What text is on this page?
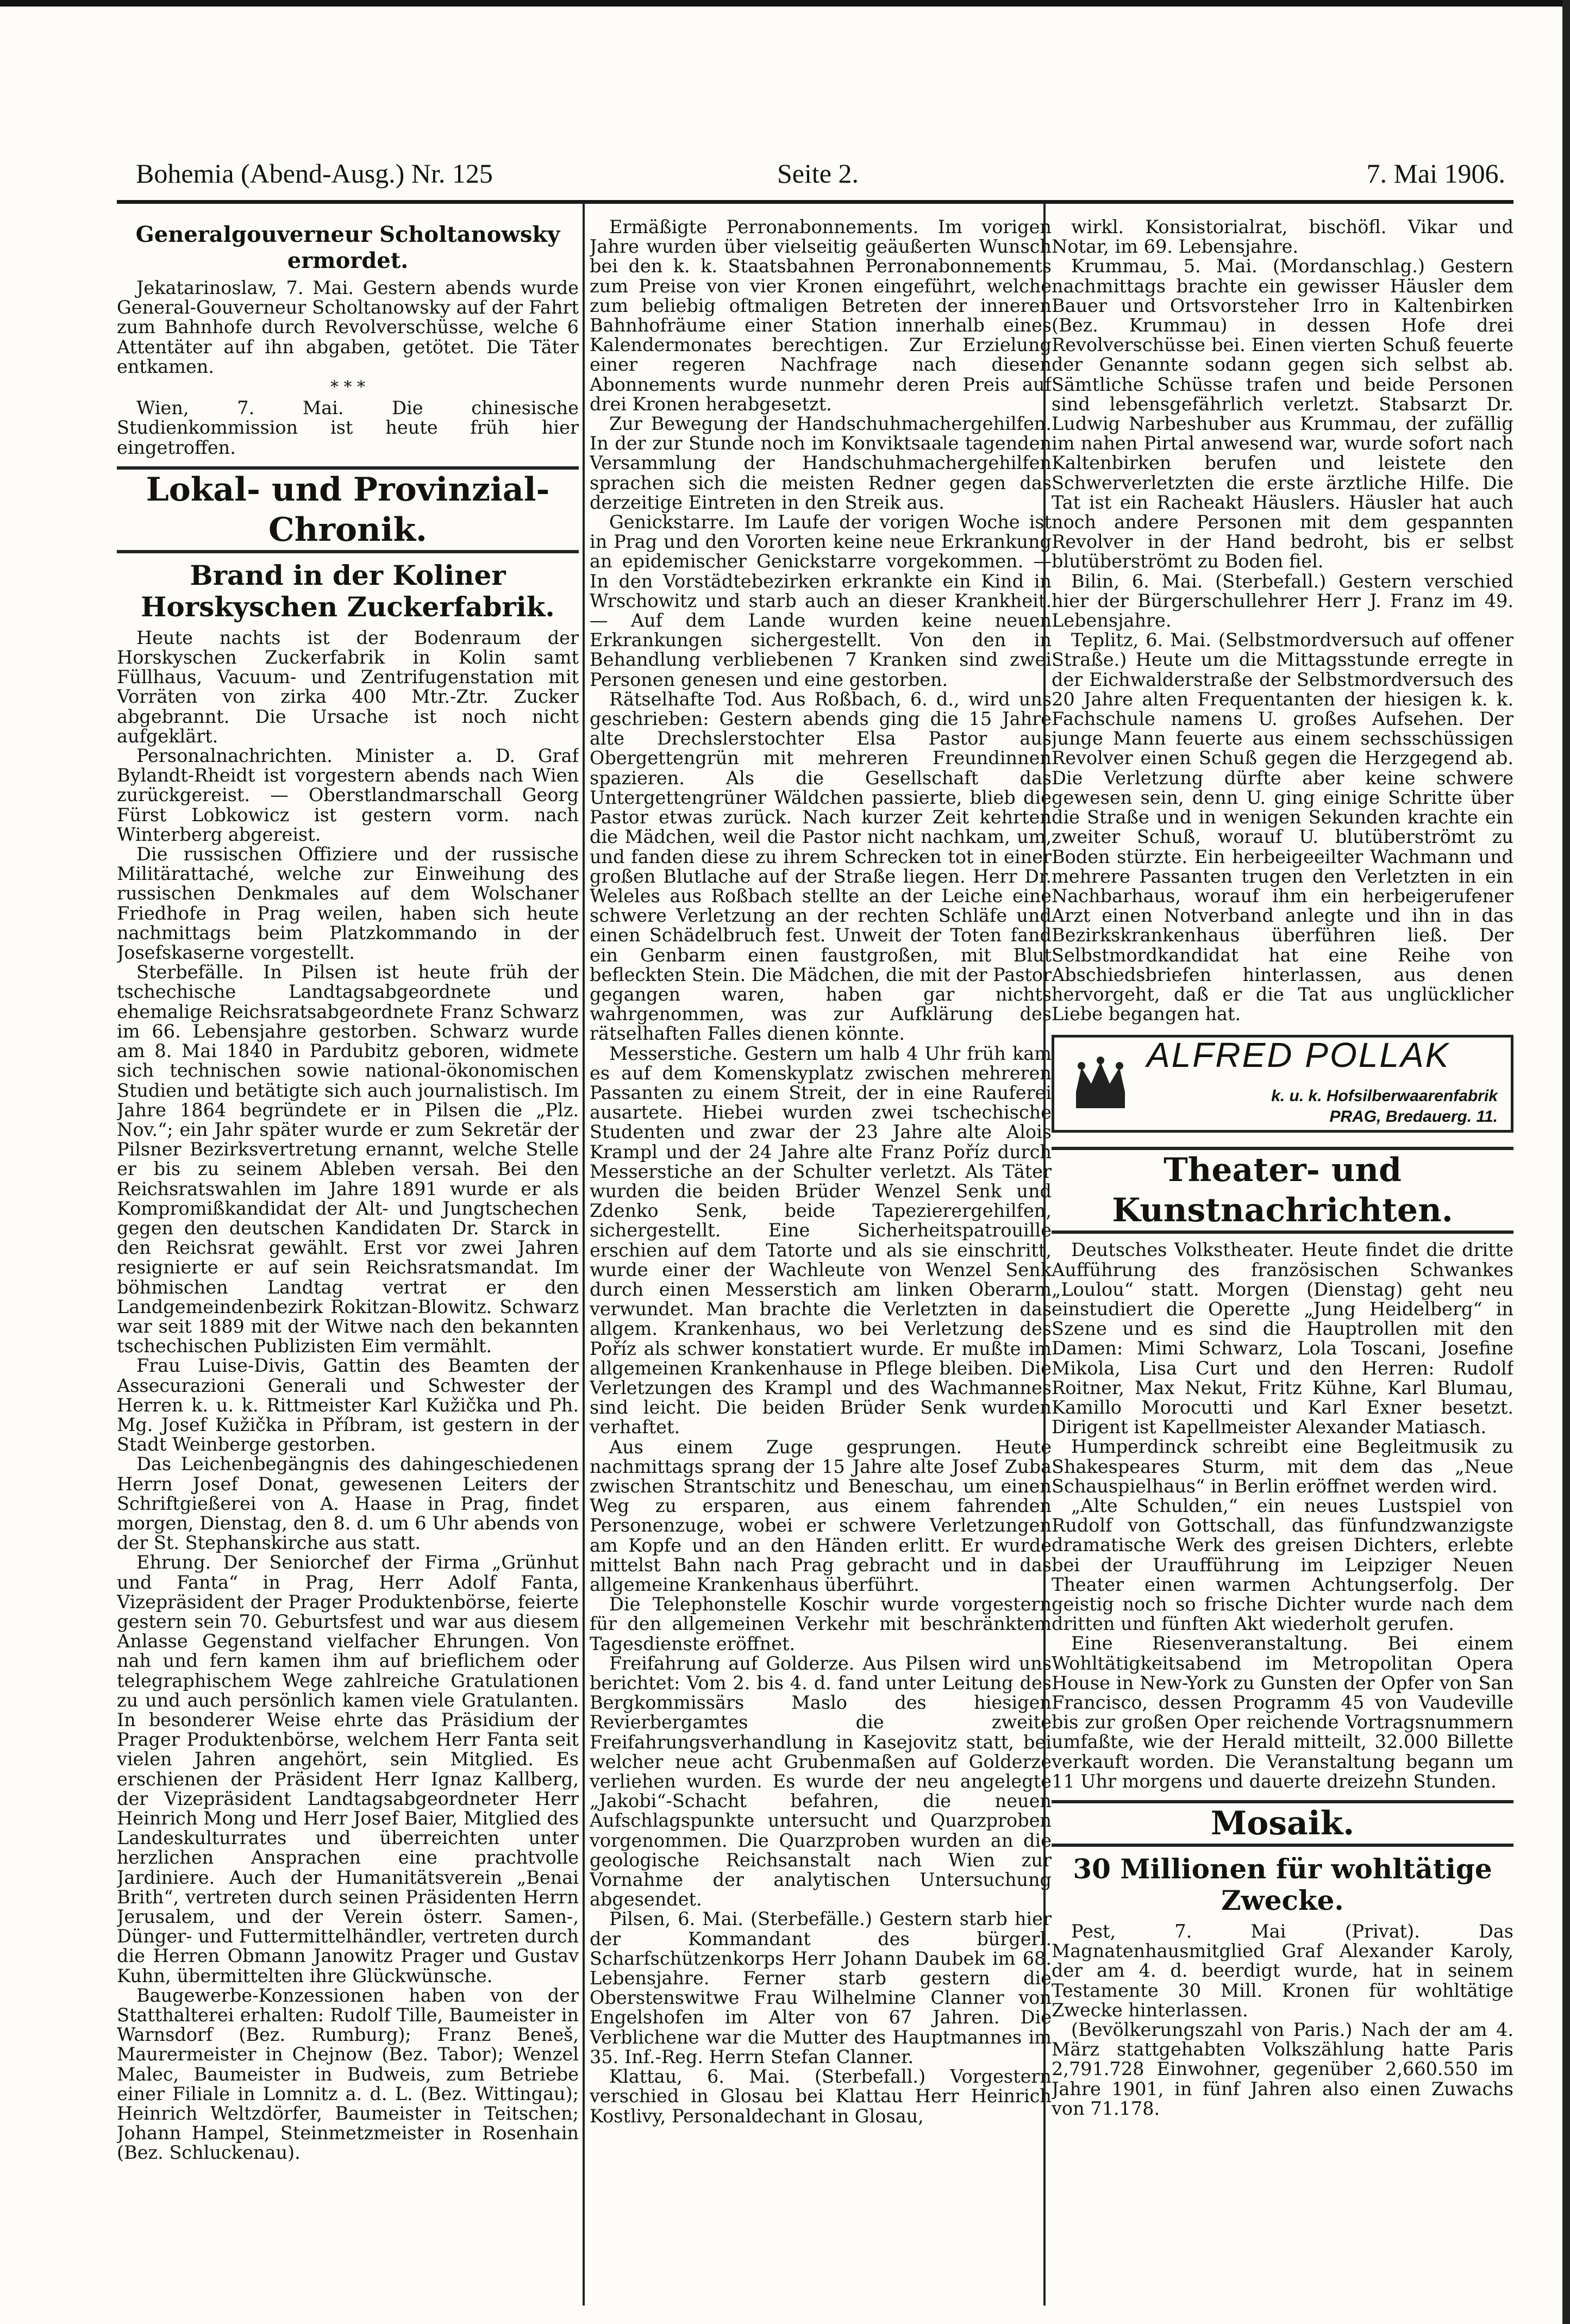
Bohemia (Abend-Ausg.) Nr. 125	Seite 2.	7. Mai 1906.

Generalgouverneur Scholtanowsky ermordet.

Jekatarinoslaw, 7. Mai. Gestern abends wurde General-Gouverneur Scholtanowsky auf der Fahrt zum Bahnhofe durch Revolverschüsse, welche 6 Attentäter auf ihn abgaben, getötet. Die Täter entkamen.

* * *

Wien, 7. Mai. Die chinesische Studienkommission ist heute früh hier eingetroffen.

Lokal- und Provinzial-Chronik.

Brand in der Koliner Horskyschen Zuckerfabrik.

Heute nachts ist der Bodenraum der Horskyschen Zuckerfabrik in Kolin samt Füllhaus, Vacuum- und Zentrifugenstation mit Vorräten von zirka 400 Mtr.-Ztr. Zucker abgebrannt. Die Ursache ist noch nicht aufgeklärt.

Personalnachrichten. Minister a. D. Graf Bylandt-Rheidt ist vorgestern abends nach Wien zurückgereist. — Oberstlandmarschall Georg Fürst Lobkowicz ist gestern vorm. nach Winterberg abgereist.

Die russischen Offiziere und der russische Militärattaché, welche zur Einweihung des russischen Denkmales auf dem Wolschaner Friedhofe in Prag weilen, haben sich heute nachmittags beim Platzkommando in der Josefskaserne vorgestellt.

Sterbefälle. In Pilsen ist heute früh der tschechische Landtagsabgeordnete und ehemalige Reichsratsabgeordnete Franz Schwarz im 66. Lebensjahre gestorben. Schwarz wurde am 8. Mai 1840 in Pardubitz geboren, widmete sich technischen sowie national-ökonomischen Studien und betätigte sich auch journalistisch. Im Jahre 1864 begründete er in Pilsen die „Plz. Nov.“; ein Jahr später wurde er zum Sekretär der Pilsner Bezirksvertretung ernannt, welche Stelle er bis zu seinem Ableben versah. Bei den Reichsratswahlen im Jahre 1891 wurde er als Kompromißkandidat der Alt- und Jungtschechen gegen den deutschen Kandidaten Dr. Starck in den Reichsrat gewählt. Erst vor zwei Jahren resignierte er auf sein Reichsratsmandat. Im böhmischen Landtag vertrat er den Landgemeindenbezirk Rokitzan-Blowitz. Schwarz war seit 1889 mit der Witwe nach den bekannten tschechischen Publizisten Eim vermählt.

Frau Luise-Divis, Gattin des Beamten der Assecurazioni Generali und Schwester der Herren k. u. k. Rittmeister Karl Kužička und Ph. Mg. Josef Kužička in Příbram, ist gestern in der Stadt Weinberge gestorben.

Das Leichenbegängnis des dahingeschiedenen Herrn Josef Donat, gewesenen Leiters der Schriftgießerei von A. Haase in Prag, findet morgen, Dienstag, den 8. d. um 6 Uhr abends von der St. Stephanskirche aus statt.

Ehrung. Der Seniorchef der Firma „Grünhut und Fanta“ in Prag, Herr Adolf Fanta, Vizepräsident der Prager Produktenbörse, feierte gestern sein 70. Geburtsfest und war aus diesem Anlasse Gegenstand vielfacher Ehrungen. Von nah und fern kamen ihm auf brieflichem oder telegraphischem Wege zahlreiche Gratulationen zu und auch persönlich kamen viele Gratulanten. In besonderer Weise ehrte das Präsidium der Prager Produktenbörse, welchem Herr Fanta seit vielen Jahren angehört, sein Mitglied. Es erschienen der Präsident Herr Ignaz Kallberg, der Vizepräsident Landtagsabgeordneter Herr Heinrich Mong und Herr Josef Baier, Mitglied des Landeskulturrates und überreichten unter herzlichen Ansprachen eine prachtvolle Jardiniere. Auch der Humanitätsverein „Benai Brith“, vertreten durch seinen Präsidenten Herrn Jerusalem, und der Verein österr. Samen-, Dünger- und Futtermittelhändler, vertreten durch die Herren Obmann Janowitz Prager und Gustav Kuhn, übermittelten ihre Glückwünsche.

Baugewerbe-Konzessionen haben von der Statthalterei erhalten: Rudolf Tille, Baumeister in Warnsdorf (Bez. Rumburg); Franz Beneš, Maurermeister in Chejnow (Bez. Tabor); Wenzel Malec, Baumeister in Budweis, zum Betriebe einer Filiale in Lomnitz a. d. L. (Bez. Wittingau); Heinrich Weltzdörfer, Baumeister in Teitschen; Johann Hampel, Steinmetzmeister in Rosenhain (Bez. Schluckenau).

Ermäßigte Perronabonnements. Im vorigen Jahre wurden über vielseitig geäußerten Wunsch bei den k. k. Staatsbahnen Perronabonnements zum Preise von vier Kronen eingeführt, welche zum beliebig oftmaligen Betreten der inneren Bahnhofräume einer Station innerhalb eines Kalendermonates berechtigen. Zur Erzielung einer regeren Nachfrage nach diesen Abonnements wurde nunmehr deren Preis auf drei Kronen herabgesetzt.

Zur Bewegung der Handschuhmachergehilfen. In der zur Stunde noch im Konviktsaale tagenden Versammlung der Handschuhmachergehilfen sprachen sich die meisten Redner gegen das derzeitige Eintreten in den Streik aus.

Genickstarre. Im Laufe der vorigen Woche ist in Prag und den Vororten keine neue Erkrankung an epidemischer Genickstarre vorgekommen. — In den Vorstädtebezirken erkrankte ein Kind in Wrschowitz und starb auch an dieser Krankheit. — Auf dem Lande wurden keine neuen Erkrankungen sichergestellt. Von den in Behandlung verbliebenen 7 Kranken sind zwei Personen genesen und eine gestorben.

Rätselhafte Tod. Aus Roßbach, 6. d., wird uns geschrieben: Gestern abends ging die 15 Jahre alte Drechslerstochter Elsa Pastor aus Obergettengrün mit mehreren Freundinnen spazieren. Als die Gesellschaft das Untergettengrüner Wäldchen passierte, blieb die Pastor etwas zurück. Nach kurzer Zeit kehrten die Mädchen, weil die Pastor nicht nachkam, um, und fanden diese zu ihrem Schrecken tot in einer großen Blutlache auf der Straße liegen. Herr Dr. Weleles aus Roßbach stellte an der Leiche eine schwere Verletzung an der rechten Schläfe und einen Schädelbruch fest. Unweit der Toten fand ein Genbarm einen faustgroßen, mit Blut befleckten Stein. Die Mädchen, die mit der Pastor gegangen waren, haben gar nichts wahrgenommen, was zur Aufklärung des rätselhaften Falles dienen könnte.

Messerstiche. Gestern um halb 4 Uhr früh kam es auf dem Komenskyplatz zwischen mehreren Passanten zu einem Streit, der in eine Rauferei ausartete. Hiebei wurden zwei tschechische Studenten und zwar der 23 Jahre alte Alois Krampl und der 24 Jahre alte Franz Poříz durch Messerstiche an der Schulter verletzt. Als Täter wurden die beiden Brüder Wenzel Senk und Zdenko Senk, beide Tapezierergehilfen, sichergestellt. Eine Sicherheitspatrouille erschien auf dem Tatorte und als sie einschritt, wurde einer der Wachleute von Wenzel Senk durch einen Messerstich am linken Oberarm verwundet. Man brachte die Verletzten in das allgem. Krankenhaus, wo bei Verletzung des Poříz als schwer konstatiert wurde. Er mußte im allgemeinen Krankenhause in Pflege bleiben. Die Verletzungen des Krampl und des Wachmannes sind leicht. Die beiden Brüder Senk wurden verhaftet.

Aus einem Zuge gesprungen. Heute nachmittags sprang der 15 Jahre alte Josef Zuba zwischen Strantschitz und Beneschau, um einen Weg zu ersparen, aus einem fahrenden Personenzuge, wobei er schwere Verletzungen am Kopfe und an den Händen erlitt. Er wurde mittelst Bahn nach Prag gebracht und in das allgemeine Krankenhaus überführt.

Die Telephonstelle Koschir wurde vorgestern für den allgemeinen Verkehr mit beschränktem Tagesdienste eröffnet.

Freifahrung auf Golderze. Aus Pilsen wird uns berichtet: Vom 2. bis 4. d. fand unter Leitung des Bergkommissärs Maslo des hiesigen Revierbergamtes die zweite Freifahrungsverhandlung in Kasejovitz statt, bei welcher neue acht Grubenmaßen auf Golderze verliehen wurden. Es wurde der neu angelegte „Jakobi“-Schacht befahren, die neuen Aufschlagspunkte untersucht und Quarzproben vorgenommen. Die Quarzproben wurden an die geologische Reichsanstalt nach Wien zur Vornahme der analytischen Untersuchung abgesendet.

Pilsen, 6. Mai. (Sterbefälle.) Gestern starb hier der Kommandant des bürgerl. Scharfschützenkorps Herr Johann Daubek im 68. Lebensjahre. Ferner starb gestern die Oberstenswitwe Frau Wilhelmine Clanner von Engelshofen im Alter von 67 Jahren. Die Verblichene war die Mutter des Hauptmannes im 35. Inf.-Reg. Herrn Stefan Clanner.

Klattau, 6. Mai. (Sterbefall.) Vorgestern verschied in Glosau bei Klattau Herr Heinrich Kostlivy, Personaldechant in Glosau,

wirkl. Konsistorialrat, bischöfl. Vikar und Notar, im 69. Lebensjahre.

Krummau, 5. Mai. (Mordanschlag.) Gestern nachmittags brachte ein gewisser Häusler dem Bauer und Ortsvorsteher Irro in Kaltenbirken (Bez. Krummau) in dessen Hofe drei Revolverschüsse bei. Einen vierten Schuß feuerte der Genannte sodann gegen sich selbst ab. Sämtliche Schüsse trafen und beide Personen sind lebensgefährlich verletzt. Stabsarzt Dr. Ludwig Narbeshuber aus Krummau, der zufällig im nahen Pirtal anwesend war, wurde sofort nach Kaltenbirken berufen und leistete den Schwerverletzten die erste ärztliche Hilfe. Die Tat ist ein Racheakt Häuslers. Häusler hat auch noch andere Personen mit dem gespannten Revolver in der Hand bedroht, bis er selbst blutüberströmt zu Boden fiel.

Bilin, 6. Mai. (Sterbefall.) Gestern verschied hier der Bürgerschullehrer Herr J. Franz im 49. Lebensjahre.

Teplitz, 6. Mai. (Selbstmordversuch auf offener Straße.) Heute um die Mittagsstunde erregte in der Eichwalderstraße der Selbstmordversuch des 20 Jahre alten Frequentanten der hiesigen k. k. Fachschule namens U. großes Aufsehen. Der junge Mann feuerte aus einem sechsschüssigen Revolver einen Schuß gegen die Herzgegend ab. Die Verletzung dürfte aber keine schwere gewesen sein, denn U. ging einige Schritte über die Straße und in wenigen Sekunden krachte ein zweiter Schuß, worauf U. blutüberströmt zu Boden stürzte. Ein herbeigeeilter Wachmann und mehrere Passanten trugen den Verletzten in ein Nachbarhaus, worauf ihm ein herbeigerufener Arzt einen Notverband anlegte und ihn in das Bezirkskrankenhaus überführen ließ. Der Selbstmordkandidat hat eine Reihe von Abschiedsbriefen hinterlassen, aus denen hervorgeht, daß er die Tat aus unglücklicher Liebe begangen hat.

ALFRED POLLAK
k. u. k. Hofsilberwaarenfabrik
PRAG, Bredauerg. 11.

Theater- und Kunstnachrichten.

Deutsches Volkstheater. Heute findet die dritte Aufführung des französischen Schwankes „Loulou“ statt. Morgen (Dienstag) geht neu einstudiert die Operette „Jung Heidelberg“ in Szene und es sind die Hauptrollen mit den Damen: Mimi Schwarz, Lola Toscani, Josefine Mikola, Lisa Curt und den Herren: Rudolf Roitner, Max Nekut, Fritz Kühne, Karl Blumau, Kamillo Morocutti und Karl Exner besetzt. Dirigent ist Kapellmeister Alexander Matiasch.

Humperdinck schreibt eine Begleitmusik zu Shakespeares Sturm, mit dem das „Neue Schauspielhaus“ in Berlin eröffnet werden wird.

„Alte Schulden,“ ein neues Lustspiel von Rudolf von Gottschall, das fünfundzwanzigste dramatische Werk des greisen Dichters, erlebte bei der Uraufführung im Leipziger Neuen Theater einen warmen Achtungserfolg. Der geistig noch so frische Dichter wurde nach dem dritten und fünften Akt wiederholt gerufen.

Eine Riesenveranstaltung. Bei einem Wohltätigkeitsabend im Metropolitan Opera House in New-York zu Gunsten der Opfer von San Francisco, dessen Programm 45 von Vaudeville bis zur großen Oper reichende Vortragsnummern umfaßte, wie der Herald mitteilt, 32.000 Billette verkauft worden. Die Veranstaltung begann um 11 Uhr morgens und dauerte dreizehn Stunden.

Mosaik.

30 Millionen für wohltätige Zwecke.

Pest, 7. Mai (Privat). Das Magnatenhausmitglied Graf Alexander Karoly, der am 4. d. beerdigt wurde, hat in seinem Testamente 30 Mill. Kronen für wohltätige Zwecke hinterlassen.

(Bevölkerungszahl von Paris.) Nach der am 4. März stattgehabten Volkszählung hatte Paris 2,791.728 Einwohner, gegenüber 2,660.550 im Jahre 1901, in fünf Jahren also einen Zuwachs von 71.178.
